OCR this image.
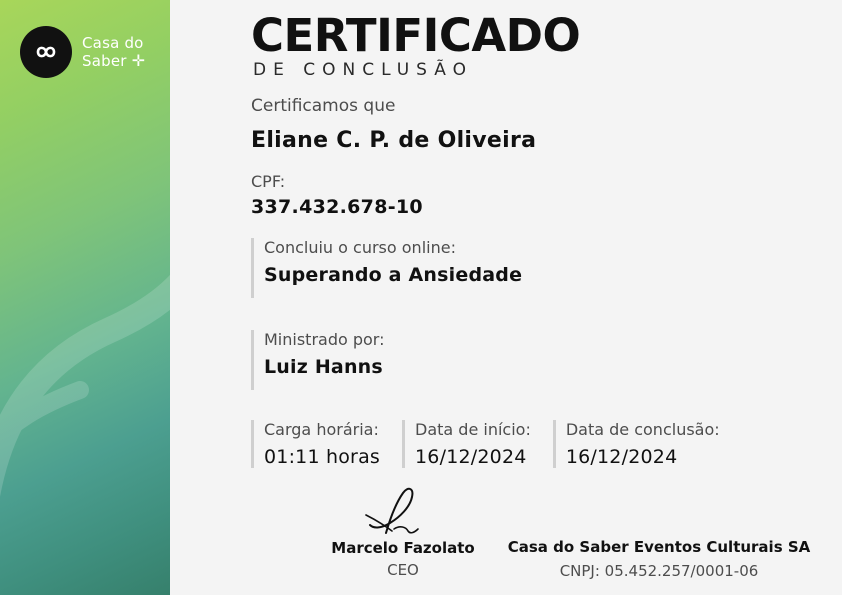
Casa do
Saber ✛ CERTIFICADO
DE CONCLUSÃO
Certificamos que
Eliane C. P. de Oliveira
CPF:
337.432.678-10
Concluiu o curso online:
Superando a Ansiedade
Ministrado por:
Luiz Hanns
Carga horária:
01:11 horas
Data de início:
16/12/2024
Data de conclusão:
16/12/2024
Marcelo Fazolato
CEO
Casa do Saber Eventos Culturais SA
CNPJ: 05.452.257/0001-06
